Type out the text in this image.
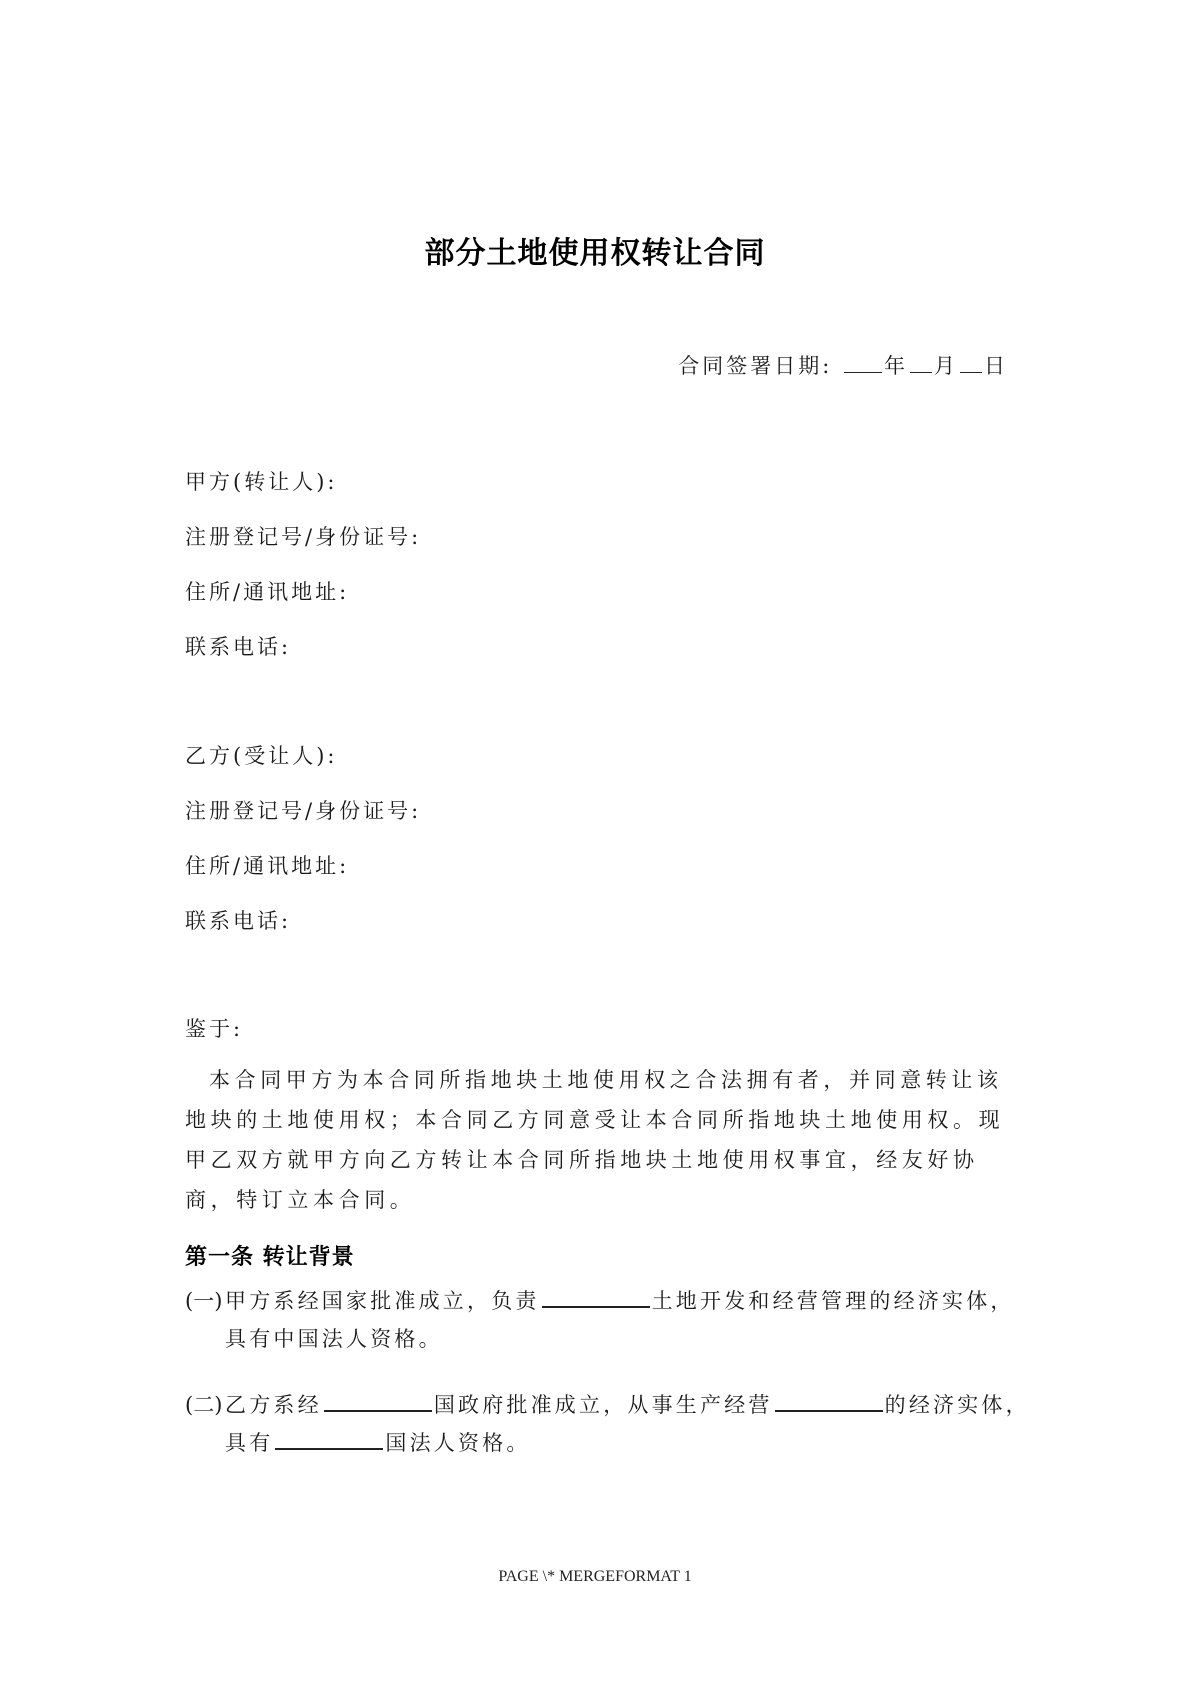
部分土地使用权转让合同
合同签署日期: 年 月 日
甲方(转让人):
注册登记号/身份证号:
住所/通讯地址:
联系电话:
乙方(受让人):
注册登记号/身份证号:
住所/通讯地址:
联系电话:
鉴于:
本合同甲方为本合同所指地块土地使用权之合法拥有者，并同意转让该地块的土地使用权；本合同乙方同意受让本合同所指地块土地使用权。现甲乙双方就甲方向乙方转让本合同所指地块土地使用权事宜，经友好协商，特订立本合同。
第一条 转让背景
(一) 甲方系经国家批准成立，负责	土地开发和经营管理的经济实体，
具有中国法人资格。
(二) 乙方系经	国政府批准成立，从事生产经营	的经济实体，
具有	国法人资格。
PAGE \* MERGEFORMAT 1
